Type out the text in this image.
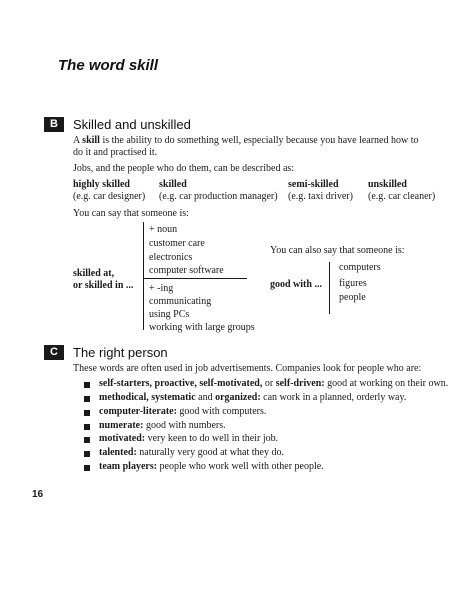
The word skill
B	Skilled and unskilled
A skill is the ability to do something well, especially because you have learned how to
do it and practised it.
Jobs, and the people who do them, can be described as:
highly skilled
(e.g. car designer)
skilled
(e.g. car production manager)
semi-skilled
(e.g. taxi driver)
unskilled
(e.g. car cleaner)
You can say that someone is:
skilled at,
or skilled in ...
+ noun
customer care
electronics
computer software
+ -ing
communicating
using PCs
working with large groups
You can also say that someone is:
good with ...
computers
figures
people
C	The right person
These words are often used in job advertisements. Companies look for people who are:
self-starters, proactive, self-motivated, or self-driven: good at working on their own.
methodical, systematic and organized: can work in a planned, orderly way.
computer-literate: good with computers.
numerate: good with numbers.
motivated: very keen to do well in their job.
talented: naturally very good at what they do.
team players: people who work well with other people.
16
